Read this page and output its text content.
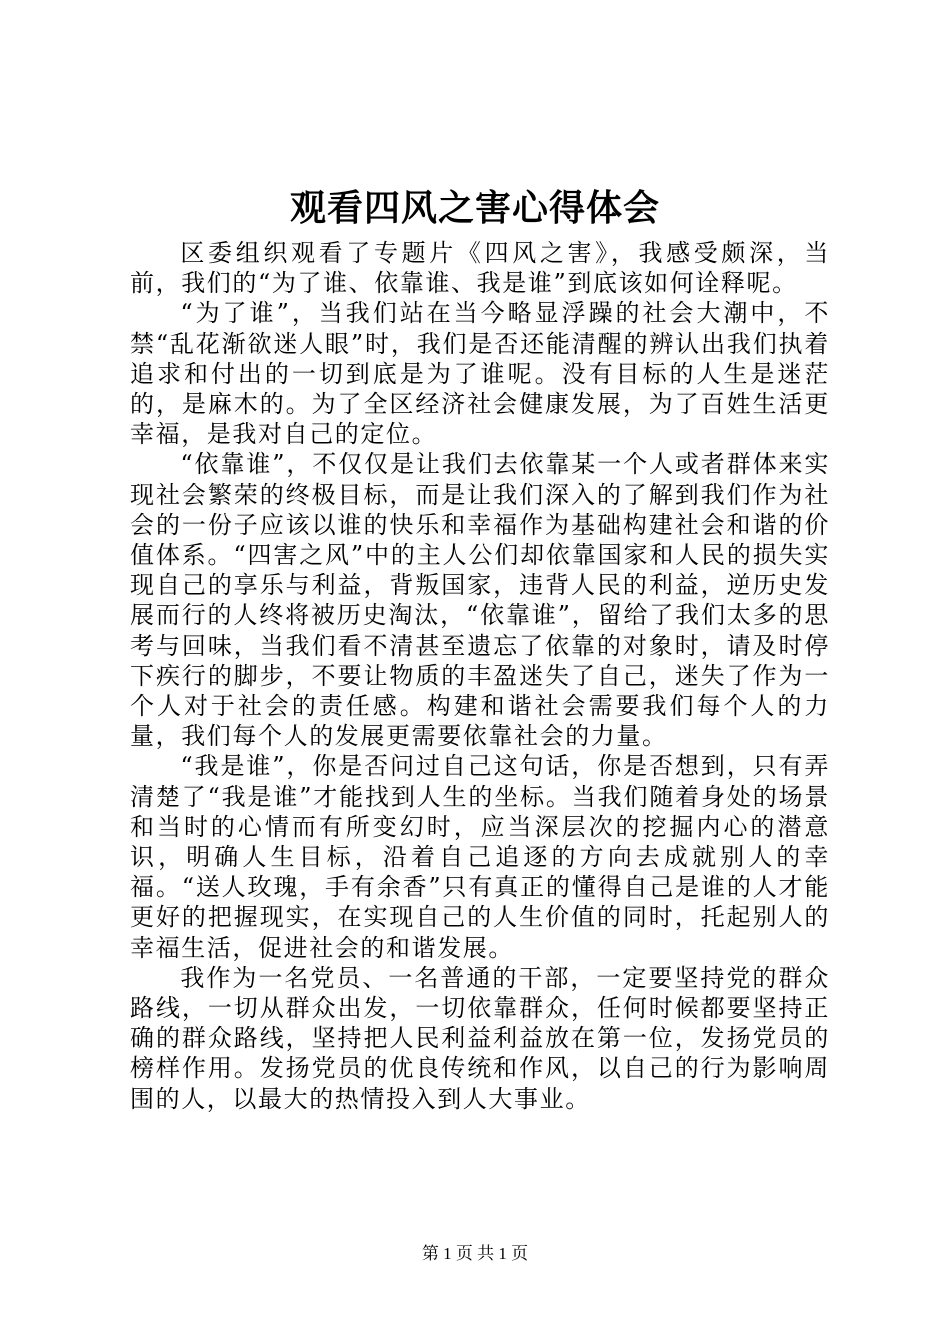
观看四风之害心得体会

区委组织观看了专题片《四风之害》，我感受颇深，当前，我们的“为了谁、依靠谁、我是谁”到底该如何诠释呢。

“为了谁”，当我们站在当今略显浮躁的社会大潮中，不禁“乱花渐欲迷人眼”时，我们是否还能清醒的辨认出我们执着追求和付出的一切到底是为了谁呢。没有目标的人生是迷茫的，是麻木的。为了全区经济社会健康发展，为了百姓生活更幸福，是我对自己的定位。

“依靠谁”，不仅仅是让我们去依靠某一个人或者群体来实现社会繁荣的终极目标，而是让我们深入的了解到我们作为社会的一份子应该以谁的快乐和幸福作为基础构建社会和谐的价值体系。“四害之风”中的主人公们却依靠国家和人民的损失实现自己的享乐与利益，背叛国家，违背人民的利益，逆历史发展而行的人终将被历史淘汰，“依靠谁”，留给了我们太多的思考与回味，当我们看不清甚至遗忘了依靠的对象时，请及时停下疾行的脚步，不要让物质的丰盈迷失了自己，迷失了作为一个人对于社会的责任感。构建和谐社会需要我们每个人的力量，我们每个人的发展更需要依靠社会的力量。

“我是谁”，你是否问过自己这句话，你是否想到，只有弄清楚了“我是谁”才能找到人生的坐标。当我们随着身处的场景和当时的心情而有所变幻时，应当深层次的挖掘内心的潜意识，明确人生目标，沿着自己追逐的方向去成就别人的幸福。“送人玫瑰，手有余香”只有真正的懂得自己是谁的人才能更好的把握现实，在实现自己的人生价值的同时，托起别人的幸福生活，促进社会的和谐发展。

我作为一名党员、一名普通的干部，一定要坚持党的群众路线，一切从群众出发，一切依靠群众，任何时候都要坚持正确的群众路线，坚持把人民利益利益放在第一位，发扬党员的榜样作用。发扬党员的优良传统和作风，以自己的行为影响周围的人，以最大的热情投入到人大事业。

第 1 页 共 1 页
